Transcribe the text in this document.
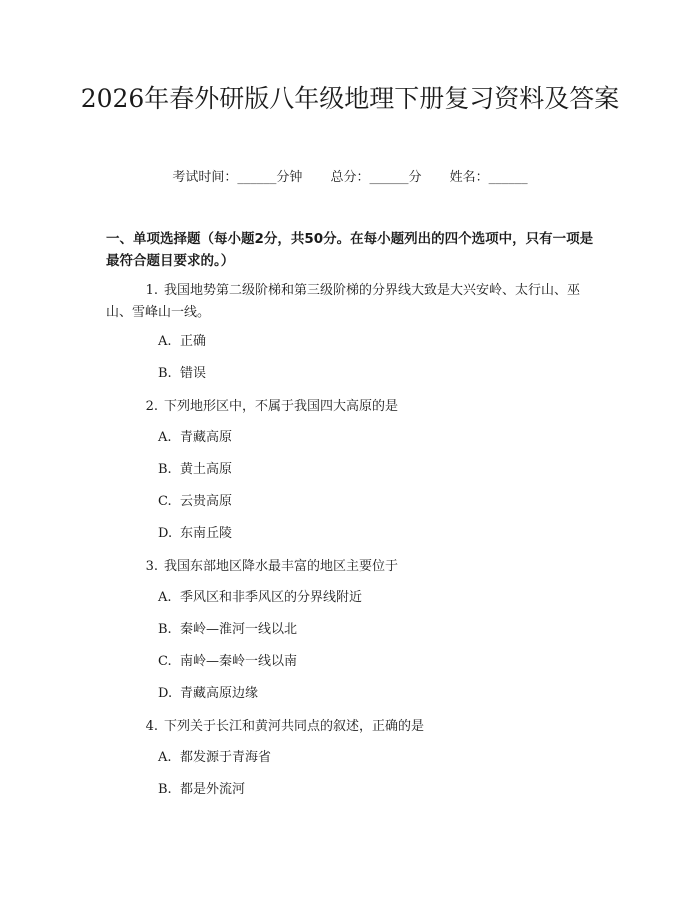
2026年春外研版八年级地理下册复习资料及答案
考试时间：______分钟 总分：______分 姓名：______
一、单项选择题（每小题2分，共50分。在每小题列出的四个选项中，只有一项是最符合题目要求的。）
1. 我国地势第二级阶梯和第三级阶梯的分界线大致是大兴安岭、太行山、巫山、雪峰山一线。
A. 正确
B. 错误
2. 下列地形区中，不属于我国四大高原的是
A. 青藏高原
B. 黄土高原
C. 云贵高原
D. 东南丘陵
3. 我国东部地区降水最丰富的地区主要位于
A. 季风区和非季风区的分界线附近
B. 秦岭—淮河一线以北
C. 南岭—秦岭一线以南
D. 青藏高原边缘
4. 下列关于长江和黄河共同点的叙述，正确的是
A. 都发源于青海省
B. 都是外流河
